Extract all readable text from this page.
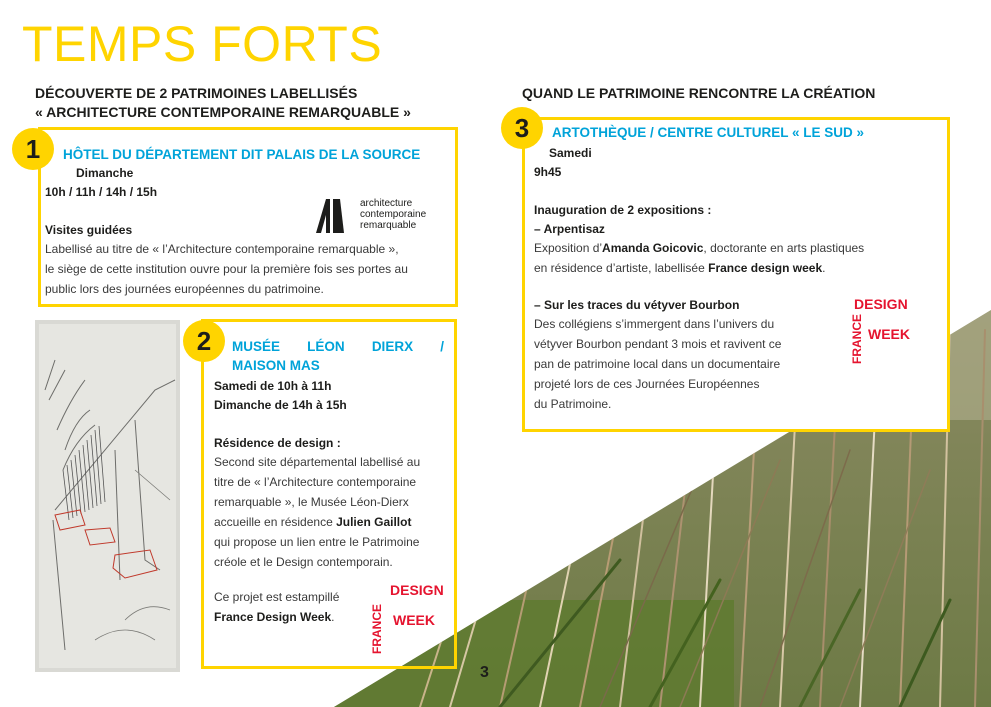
TEMPS FORTS
DÉCOUVERTE DE 2 PATRIMOINES LABELLISÉS
« ARCHITECTURE CONTEMPORAINE REMARQUABLE »
QUAND LE PATRIMOINE RENCONTRE LA CRÉATION
1	HÔTEL DU DÉPARTEMENT DIT PALAIS DE LA SOURCE
Dimanche
10h / 11h / 14h / 15h
architecture
contemporaine
remarquable
Visites guidées
Labellisé au titre de « l’Architecture contemporaine remarquable »,
le siège de cette institution ouvre pour la première fois ses portes au
public lors des journées européennes du patrimoine.
2	MUSÉE LÉON DIERX /
MAISON MAS
Samedi de 10h à 11h
Dimanche de 14h à 15h
Résidence de design :
Second site départemental labellisé au
titre de « l’Architecture contemporaine
remarquable », le Musée Léon-Dierx
accueille en résidence Julien Gaillot
qui propose un lien entre le Patrimoine
créole et le Design contemporain.
Ce projet est estampillé
France Design Week.
DESIGN
FRANCE WEEK
3	ARTOTHÈQUE / CENTRE CULTUREL « LE SUD »
Samedi
9h45
Inauguration de 2 expositions :
– Arpentisaz
Exposition d’Amanda Goicovic, doctorante en arts plastiques
en résidence d’artiste, labellisée France design week.
– Sur les traces du vétyver Bourbon
Des collégiens s’immergent dans l’univers du
vétyver Bourbon pendant 3 mois et ravivent ce
pan de patrimoine local dans un documentaire
projeté lors de ces Journées Européennes
du Patrimoine.
DESIGN
FRANCE WEEK
3
